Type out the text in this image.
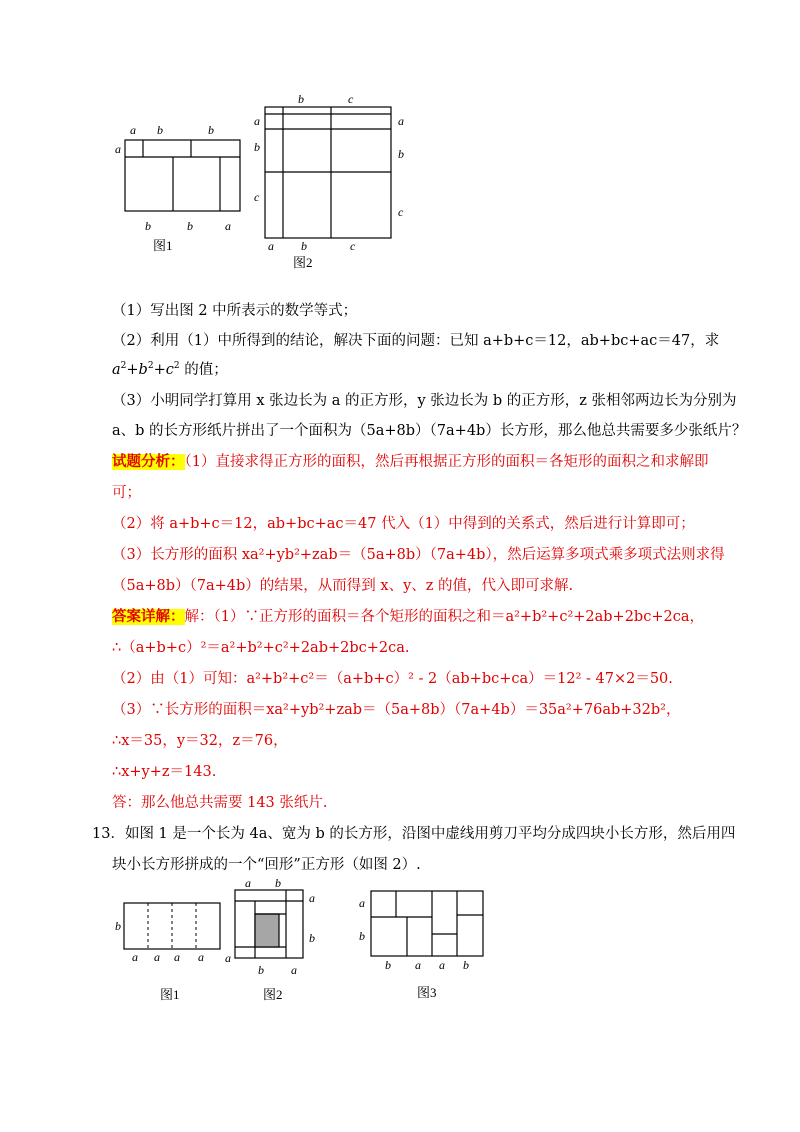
a b	b
a
b	b	a
图1
b	c
a
b
c
a
b
c
a b	c
图2
（1）写出图 2 中所表示的数学等式；
（2）利用（1）中所得到的结论，解决下面的问题：已知 a+b+c＝12，ab+bc+ac＝47，求
$a^2+b^2+c^2$ 的值；
（3）小明同学打算用 x 张边长为 a 的正方形，y 张边长为 b 的正方形，z 张相邻两边长为分别为
a、b 的长方形纸片拼出了一个面积为（5a+8b）（7a+4b）长方形，那么他总共需要多少张纸片？
试题分析：（1）直接求得正方形的面积，然后再根据正方形的面积＝各矩形的面积之和求解即
可；
（2）将 a+b+c＝12，ab+bc+ac＝47 代入（1）中得到的关系式，然后进行计算即可；
（3）长方形的面积 xa²+yb²+zab＝（5a+8b）（7a+4b），然后运算多项式乘多项式法则求得
（5a+8b）（7a+4b）的结果，从而得到 x、y、z 的值，代入即可求解.
答案详解：解：（1）∵正方形的面积＝各个矩形的面积之和＝a²+b²+c²+2ab+2bc+2ca，
∴（a+b+c）²＝a²+b²+c²+2ab+2bc+2ca.
（2）由（1）可知：a²+b²+c²＝（a+b+c）² - 2（ab+bc+ca）＝12² - 47×2＝50.
（3）∵长方形的面积＝xa²+yb²+zab＝（5a+8b）（7a+4b）＝35a²+76ab+32b²，
∴x＝35，y＝32，z＝76，
∴x+y+z＝143.
答：那么他总共需要 143 张纸片.
13．如图 1 是一个长为 4a、宽为 b 的长方形，沿图中虚线用剪刀平均分成四块小长方形，然后用四
块小长方形拼成的一个“回形”正方形（如图 2）.
b
a a a a
图1
a b
a
b
a
b a
图2
a
b
b a a b
图3
